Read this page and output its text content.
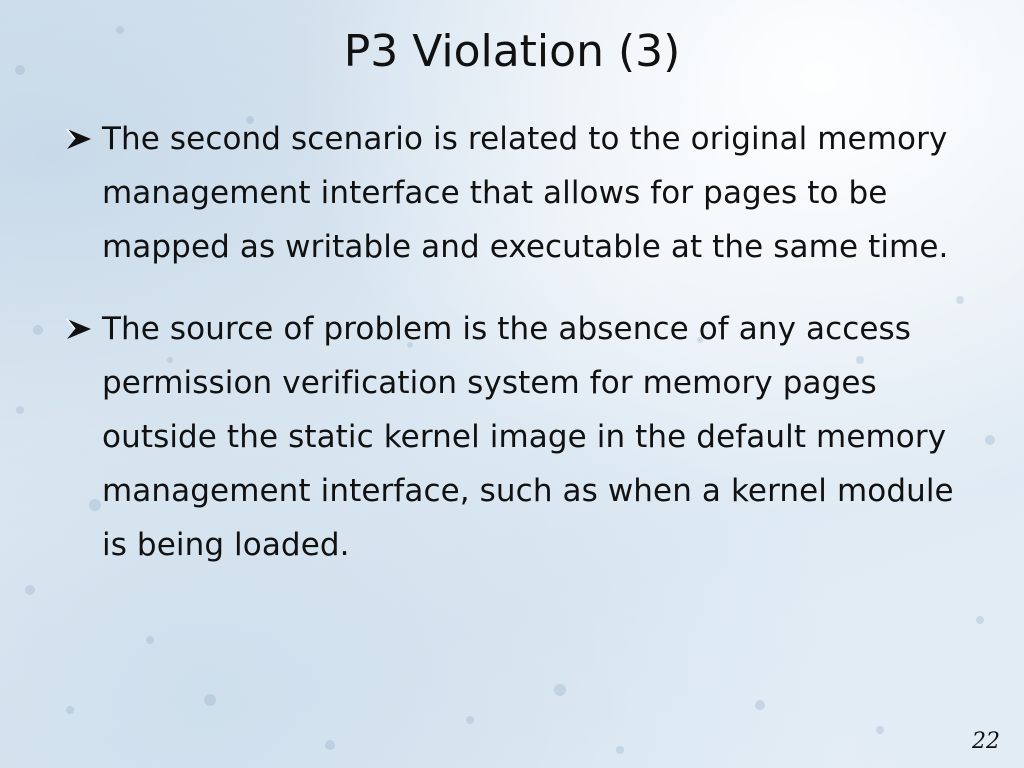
P3 Violation (3)
The second scenario is related to the original memory management interface that allows for pages to be mapped as writable and executable at the same time.
The source of problem is the absence of any access permission verification system for memory pages outside the static kernel image in the default memory management interface, such as when a kernel module is being loaded.
22
